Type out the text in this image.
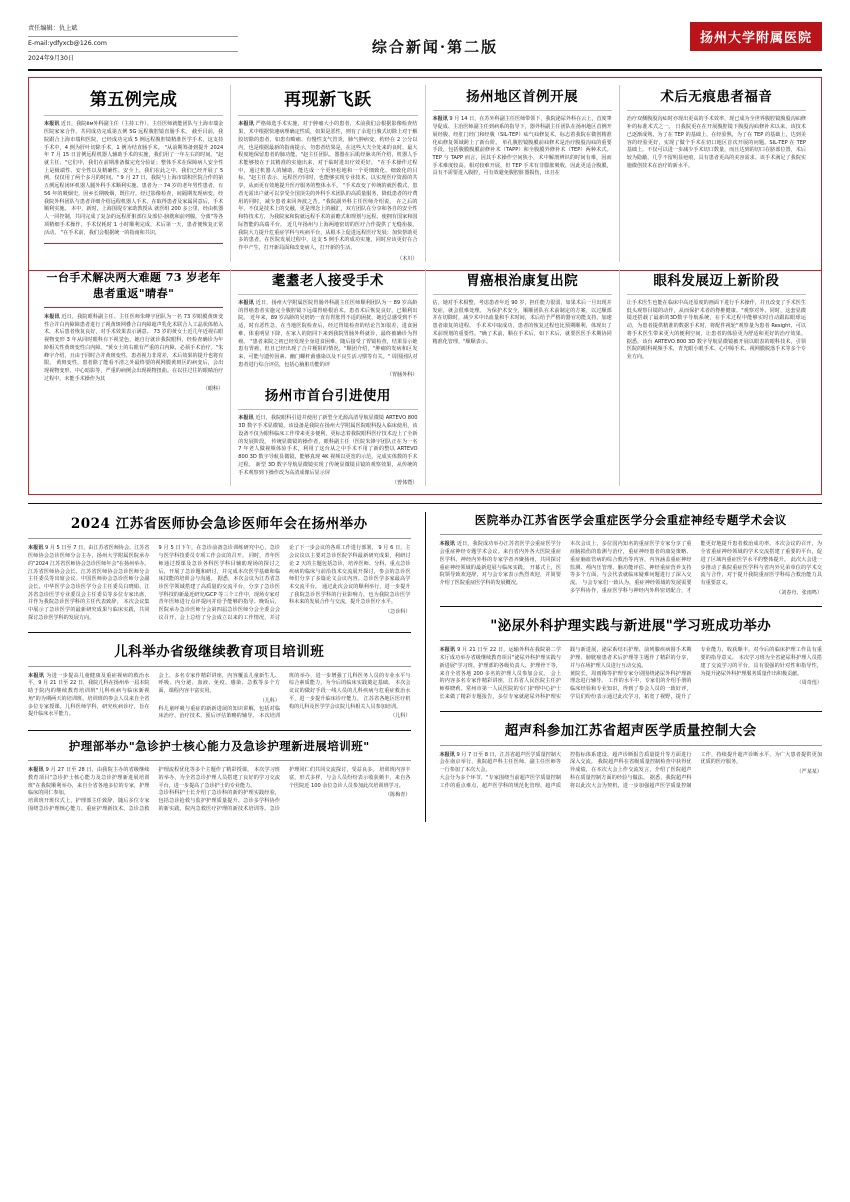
责任编辑：仇上斌
E-mail:ydfyxcb@126.com
2024年9月30日
综合新闻·第二版	扬州大学附属医院
第五例完成
本报讯 近日，我院ём外科副主任（主持工作）、主任医师就能团队与土海市瑞金医院家家合作，共同成功完成第五例 5G 远程腹腔镜直肠手术。 截至目前，我院跟合上海市瑞积医院，已经成功完成 5 例远程腹腔镜精准医学手术，这支持手术中，4 例为肝叶切除手术，1 例为结直肠手术。 "从前期筹备到提升 2024 年 7 月 15 日首例远程机器人辅助手术的实施，我们用了一年左右的时间。"赵就主任、"它们中，我们在前期准备做完充分验证；整体手术在保障病人安全性上是极端性、安全性以及精确性、安全上，我们在此之中，我们已经开展了 5 例，仅仅用了两个多月的时间。" 9 月 27 日，我院与上海市瑞积医院合作的第五例远程闭环机器人腿外科手术顺利实施。患者为一 74 岁的老年男性患者，有 56 年的吸烟史，因乡长期吸烟，既往疗，经过影像检查，间隔期发现病变，经我院外科团队与患者详细介绍远程机器人手术，在取得患者及家属同意后，手术顺利实施。 本中，新时，上海围堤专家助教授从 就医组 200 多公里，经由机器人一同控制，共同完成了复杂的远程肝脏部位及部位-膀胱和前列腺。分离"等各项精细手术操作，手术仅耗时 1 小时顺利完成，术后第一天，患者便恢复正常活动。 "在手术前，我们会根据统一的指南和共识，
再现新飞跃
本报讯 严格筛选手术实施，对于肿瘤大小的患者，术前我们会根据影像检查结果，术中根据快速病理确定性质，如果是恶性，则有了余进行腹式切除上对于解胶切除的患者，如患有畸痛、有慢性支气管炎，肺气肿病变，约经在 2 公分以内，也是根据最新的指南提示，勿患者结果是，在这些大夫全处来的良时，最大程度地保留患者的肺功能。"赵主任团队，器器在后肌经脉夹所介绍，机器人手术能够按在于其精准的实施出来，对于临时进出疗效更好。 "在手术操作过程中，通过机器人的辅助，能达成一个更轻松地和一个更细致化、细致化的目标。"赵主任表示，远程医疗同时，也能够实现专业技术，以实现医疗资源的共享，从而更有效地提升医疗服务的整体水平。 "手术改变了传统的就医模式，患者无需出户就可以享受全国顶尖的外科手术团队的高质量服务，降低患者的疗费用的同时，减少患者来回奔波之苦。"我院副外科主任医师介绍说。 在之后的年，不仅是技术上的交融，更是理念上的融汇，双方团队在分享和各自的安全性和特技术方，为我院家和院就远程手术的前瞻式和规划与远程、使拥有国家和国际智能的高端平台。 近几年扬州与上海两地密切的医疗合作提供了无缝衔接。我院大力提升危重症学科与疾病平台，从根本上促进远程医疗发展；加快帮助更多的患者。在医院发展过程中，这支 5 例手术的成功实施，同时应该更好在合作中产生，打开新局面和改变病人，打开新的生活。
（木川）
扬州地区首例开展
本报讯 9 月 14 日，在苏外科副主任医师带领下，我院泌尿外科在云上，首度睾导促成、主治医师副主任到病系的指导下，器外科副主任团队在扬州地区首例开展经腹、经肛门经门和经腹（SIL-TEP）疝气疝修复术，标志着我院在微创精准化疝修复领域跨上了新台阶。 单孔腹腔镜腹膜前疝修术是治疗腹股沟疝的重要手段，包括腹膜腹膜前修补术（TAPP）和全腹膜外修补术（TEP）两种术式。TEP 与 TAPP 而言，因其手术操作空间狭小，术中解剖辨识的时间有难，因而手术难度较高。相对较难开展。但 TEP 手术有非膨胀吸收，因此更适合腹膜，具有不需要进入腹腔，可有效避免腹腔脏器损伤，出且在
术后无痕患者福音
治疗双侧腹股沟疝时亦现出更高的手术效率，现已成为全世界腹腔镜腹股沟疝修补的标准术式之一。 日我院更在在开展腹腔镜下腹股沟疝修补术以来，该技术已逐渐成熟，为了在 TEP 的基础上，在经验熟，为了在 TEP 的基础上，达到美容的经验更好，实现了做个手术在切口地区首次开展的问题。SIL-TEP 在 TEP 基础上，不仅可以进一步减少手术切口数量，而且达到的切口在脐部位置，术后较为隐蔽，几乎不留明显疤痕，具有患者更高的美容需求。该手术满足了我院实施微创技术在治疗的新水平。
一台手术解决两大难题 73 岁老年患者重返"晴春"
本报讯 近日，我院眼科副主任、主任医师朱峰宇团队为一名 73 岁眼膜黄斑变性合并白内障障患者进行了视黄斑网叠合白内障超声乳化术联合人工晶状体植入术，术后患者恢复良好，对手术效果表示满意。 73 岁的黄女士近几年近视右眼视物变形 3 年从同时眼科有下视觉色，她自行就诊我院眼科，经检查确诊为年龄相关性黄斑变性白内障。"黄女士的右眼有严重的白内障，必须手术治疗。"朱峰宇介绍，且由于同时合并黄斑变性，患者视力非常差，术后效果的提升也将有限。 黄斑变性，患者除了能看不清之外最终要的视网膜黄斑区的病变后，会出现视物变形、中心暗影等，严重的病例会出现视物扭曲。在以往过往的眼睛治疗过程中，未能手术操作为其
（眼科）
耄耋老人接受手术
本报讯 近日，扬州大学附属医院胃肠外科副主任医师顺利团队为一 89 岁高龄的胃癌患者实施完全腹腔镜下远端胃癌根治术。患者术后恢复良好，已顺利出院。 近年来，89 岁高龄的吴奶奶一直有胃胀胃不适的困扰，她近总感受到不不适，时有恶性急，在当地医院检查后，经过胃镜检查的结论告知很差，进食困难，体重明显下降，在家人的陪同下来到我院胃肠外科就诊，最终被确诊为胃癌。 "患者来院之初已经发现全身进食困难，随后接受了胃镜检查，结果显示她患有胃癌，但且已经出现了合并梗阻的情况。"顺团介绍，"肿瘤的发病和区发来，可能与遗传因素、幽门螺杆菌感染以及不良生活习惯等有关。" 周围团队对患者进行综合评估，包括心脑脏功能的评
（胃肠外科）
扬州市首台引进使用
本报讯 近日，我院眼科引进并使用了新型全光源高清导航显微镜 ARTEVO 800 3D 数字手术显微镜，该设备是我院在扬州大学附属医院眼科投入临床使用，该设备不仅为眼科临床工作带来更多便利，更标志着我院眼科医疗技术迈上了全新的发展阶段。 传统显微镜的操作者，眼科副主任（医院朱锋宇团队正在为一名 7 年老人做视频体验手术，利用了这台从之中手术不用了新的整以 ARTEVO 800 3D 数字导航显微镜，能够真现 4K 视频以更宽的示范，完成实体数的手术过程。 新型 3D 数字导航显微镜实现了传统显微镜目镜的观察效果，从传统的手术观察到下操作改为高清成像后显示屏
（曾体暨）
胃癌根治康复出院
估，她对手术相整，考虑患者年近 90 岁，担任能力很弱，如果术后一旦出现并发症，就会很难处理。 为保护术安全，顺顺团队在术前制定的方案，以过顺部并在切除时，减少术中出血量和手术时间，术后给予严格的器官功能支持，加速患者康复的进程。 手术术中取成功，患者的恢复过程也比预期顺利，体现出了术前规划的重要性。"确了术前，顺在手术后，如下术后，就要医医手术期协同精准化管理。"顺顺表示。
眼科发展迈上新阶段
让手术医生也能在临床中高还原度的画面下进行手术操作，并且改变了手术医生低头观察目镜的动作，从而保护术者的脊椎健康。"观察对外、同时，这套显微镜还搭载了最新的3D数字导航系统，在手术过程中能够实时自动跟踪眼球运动，为患者提供精准的数据手术时，将配件视轮"观察量为患者 Resight，可以将手术医生带来更大的便利空间，让患者的体验更为舒适和更好的治疗效果。 据悉，该台 ARTEVO 800 3D 数字导航显微镜被开展以眼表的眼科技术，引领医院的眼科视频手术，青光眼小眼手术、心中障手术、视网膜脱落手术等多个专业方向。
2024 江苏省医师协会急诊医师年会在扬州举办
本报讯 9 月 5 日至 7 日，由江苏省医师协会、江苏省医师协会急诊医师分会主办，扬州大学附属医院承办的"2024 江苏省医师协会急诊医师年会"在扬州举办。江苏省医师协会会长、江苏省医师协会急诊医师分会主任委员等出席会议。中国医师协会急诊医师分会副会长、中华医学会急诊医学分会主任委员白晓娟、江苏省急诊医学专业委员会主任委员等多位专家出席，并作为我院急诊医学科的主任代表致辞。 本次会议集中展示了急诊医学的最新研究成果与临床实践，共同探讨急诊医学科的发展方向。
9 月 5 日下午，在急诊前备急诊训练研究中心，急诊与医学科技委员专项工作会议的召开。 同时，青年医师通过授课及急诊各科医学科目辅助现场的探讨之后，开展了急诊题和研讨，并完成本次医学基础和临床技能的培训会与沟通。 据悉，本次会议为江苏省急诊医学领域搭建了高质量的交流平台，分享了急诊医学科技的新最近研究/GCP 等三个工作中，现场专家对
青年医师进行点评提问并给予能够的指导。晚饭后，医院承办急诊医师分会第四届急诊医师分会全委会会议召开，会上总结了分会成立以来的工作情况，并讨论了下一步会议的各项工作进行部署。 9 月 6 日，主会议议以主要对急诊医院学科最新研究成果，利研讨论 2 天的主题包括急诊，培养医师、分科、重点急诊疾病的临床与前沿技术交流展开探讨，参会的急诊医师们分享了多篇论文会议内容。急诊医学多家最高学术交流平台。 通过此次会议的顺利举行，进一步提升了我院急诊医学科的行业影响力，也为我院急诊医学科未来的发展合作与交流，提升急诊医疗水平。
（急诊科）
儿科举办省级继续教育项目培训班
本报讯 为进一步提高儿童健康及重症视病的救治水平，9 月 21 日至 22 日，我院儿科在扬州举一届本院助于院内的继续教育培训班"儿科疾病与临床新视角"的为期两天的培训班。培训班的参会人员来自全省多位专家授课。儿科医师学科，研究疾病诊疗，旨在提升临床水平能力。
会上，多名专家作精彩讲座，内容覆盖儿童新生儿、呼吸、内分泌、血液、免疫、感染、急救等多个方面，课程内容丰富实用。
（儿科）
科儿童呼吸与重症的新新进展的知识讲解，包括对临床治疗、治疗技术、预后评估策略的辅导。 本次培训班的举办，进一步增强了儿科医务人员的专业水平与综合素质能力，为今后的临床实践奠定基础。 本次会议议的做好手段一线人员的儿科疾病与危重症救治水平，进一步提升临床诊疗能力。 江苏省各地区医疗机构的儿科及医学学会议院儿科相关人员参加培训。
（儿科）
护理部举办"急诊护士核心能力及急诊护理新进展培训班"
本报讯 9 月 27 日至 28 日，由我院主办的省级继续教育项目"急诊护士核心能力及急诊护理新进展培训班"在我院顺利举办，来自全省各地多位的专家，护理临床的同仁参加。
培训班开班仪式上，护理部主任致辞，随后多位专家围绕急诊护理核心能力、重症护理新技术、急诊急救护理流程优化等多个主题作了精彩授课。 本次学习班的举办，为全省急诊护理人员搭建了良好的学习交流平台，进一步提高了急诊护士的专业能力。
急诊科科护士长介绍了急诊科的新的护理实践经验，包括急诊抢救与监护护理质量提升、急诊多学科协作的新实践，院内急救医疗护理的新技术培训等。急诊护理同仁们共同交流探讨，受益良多。 培训班内容丰富，形式多样，与会人员纷纷表示收获颇丰，来自各个医院近 100 余位急诊人员参加此次培训班学习。
（陈梅青）
医院举办江苏省医学会重症医学分会重症神经专题学术会议
本报讯 近日，我院成功举办江苏省医学会重症医学分会重症神经专题学术会议。来自省内外各大医院重症医学科、神经内外科的专家学者齐聚扬州，共同探讨重症神经领域的最新进展与临床实践。 开幕式上，医院领导致欢迎辞，对与会专家表示热烈欢迎，并简要介绍了医院重症医学科的发展概况。
本次会议上，多位国内知名的重症医学专家分享了重症脑损伤的监测与治疗，重症神经患者的康复策略、重症脑血管病的综合救治等内容，内容涵盖重症神经监测、颅内压管理、脑功能评估、神经重症营养支持等多个方面，与会代表就临床疑难问题进行了深入交流。 与会专家们一致认为，重症神经领域的发展需要多学科协作，重症医学科与神经内外科密切配合，才能更好地提升患者救治成功率。本次会议的召开，为全省重症神经领域的学术交流搭建了重要的平台，促进了区域内重症医学水平的整体提升。 此次大会进一步推动了我院重症医学科与省内外兄弟单位的学术交流与合作，对于提升我院重症医学科综合救治能力具有重要意义。
（刘春舟、张雨鸣）
"泌尿外科护理实践与新进展"学习班成功举办
本报讯 9 月 21 日至 22 日，运输外科在我院第二学术厅成功举办省级继续教育项目"泌尿外科护理实践与新进展"学习班。护理部的各级负责人、护理骨干等，来自全省各地 200 多名的护理人员参加会议。 会上的内容多名专家作精彩讲座，江苏省人民医院主任护师蔡晓莉、常州市第一人民医院的专门护理中心护士长来做了精彩专题报告，多位专家就泌尿外科护理实践与新进展，泌尿系结石护理、前列腺疾病围手术期护理、膀胱癌患者术后护理等主题作了精彩的分享，并与在场护理人员进行互动交流。
黄院长，周雨梅等护理专家分别围绕泌尿外科护理新理念进行辅导。 工作的水平中，专家们的介绍手册的临床经验和专业知识，得到了参会人员的一致好评，学员们纷纷表示通过此次学习，拓宽了视野，提升了专业能力，收获颇丰，对今后的临床护理工作具有重要的指导意义。 本次学习班为全省泌尿科护理人员搭建了交流学习的平台，具有很强的针对性和指导性，为提升泌尿外科护理服务质量作出积极贡献。
（周奇莲）
超声科参加江苏省超声医学质量控制大会
本报讯 9 月 7 日至 8 日，江苏省超声医学质量控制大会在南京举行，我院超声科主任医师、副主任医师等一行参加了本次大会。
大会分为多个环节，"专家围绕当前超声医学质量控制工作的重点难点，超声医学科的规范化管理、超声质控指标体系建设、超声诊断报告质量提升等方面进行深入交流。 我院超声科在省级质量控制检查中获得优异成绩，在本次大会上作交流发言，介绍了医院超声科在质量控制方面的经验与做法。 据悉，我院超声科将以此次大会为契机，进一步加强超声医学质量控制工作，持续提升超声诊断水平，为广大患者提供更加优质的医疗服务。
（严某某）
